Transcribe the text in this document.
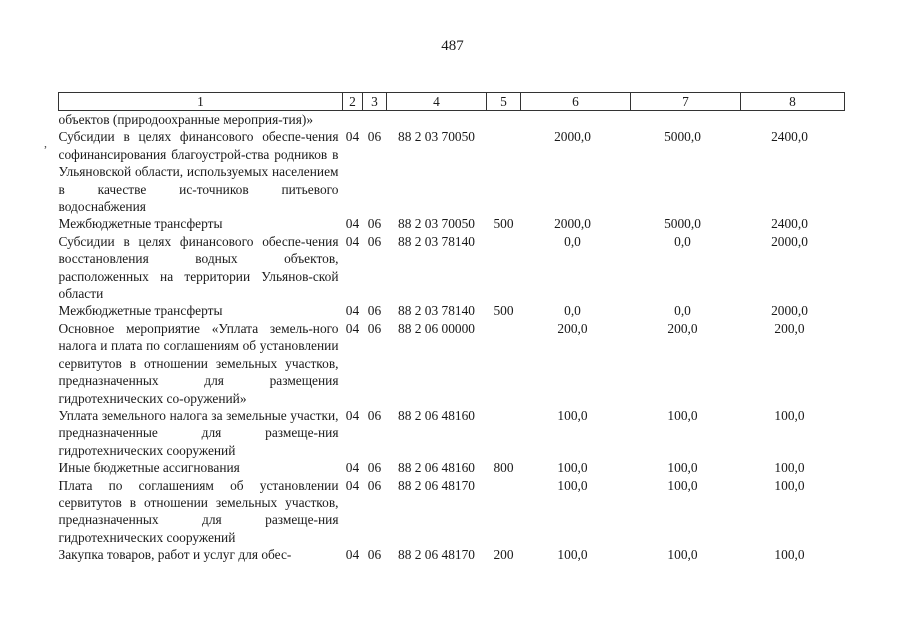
487
1	2	3	4	5	6	7	8
объектов (природоохранные мероприя-тия)»							
Субсидии в целях финансового обеспе-чения софинансирования благоустрой-ства родников в Ульяновской области, используемых населением в качестве ис-точников питьевого водоснабжения	04	06	88 2 03 70050		2000,0	5000,0	2400,0
Межбюджетные трансферты	04	06	88 2 03 70050	500	2000,0	5000,0	2400,0
Субсидии в целях финансового обеспе-чения восстановления водных объектов, расположенных на территории Ульянов-ской области	04	06	88 2 03 78140		0,0	0,0	2000,0
Межбюджетные трансферты	04	06	88 2 03 78140	500	0,0	0,0	2000,0
Основное мероприятие «Уплата земель-ного налога и плата по соглашениям об установлении сервитутов в отношении земельных участков, предназначенных для размещения гидротехнических со-оружений»	04	06	88 2 06 00000		200,0	200,0	200,0
Уплата земельного налога за земельные участки, предназначенные для размеще-ния гидротехнических сооружений	04	06	88 2 06 48160		100,0	100,0	100,0
Иные бюджетные ассигнования	04	06	88 2 06 48160	800	100,0	100,0	100,0
Плата по соглашениям об установлении сервитутов в отношении земельных участков, предназначенных для размеще-ния гидротехнических сооружений	04	06	88 2 06 48170		100,0	100,0	100,0
Закупка товаров, работ и услуг для обес-	04	06	88 2 06 48170	200	100,0	100,0	100,0
,
